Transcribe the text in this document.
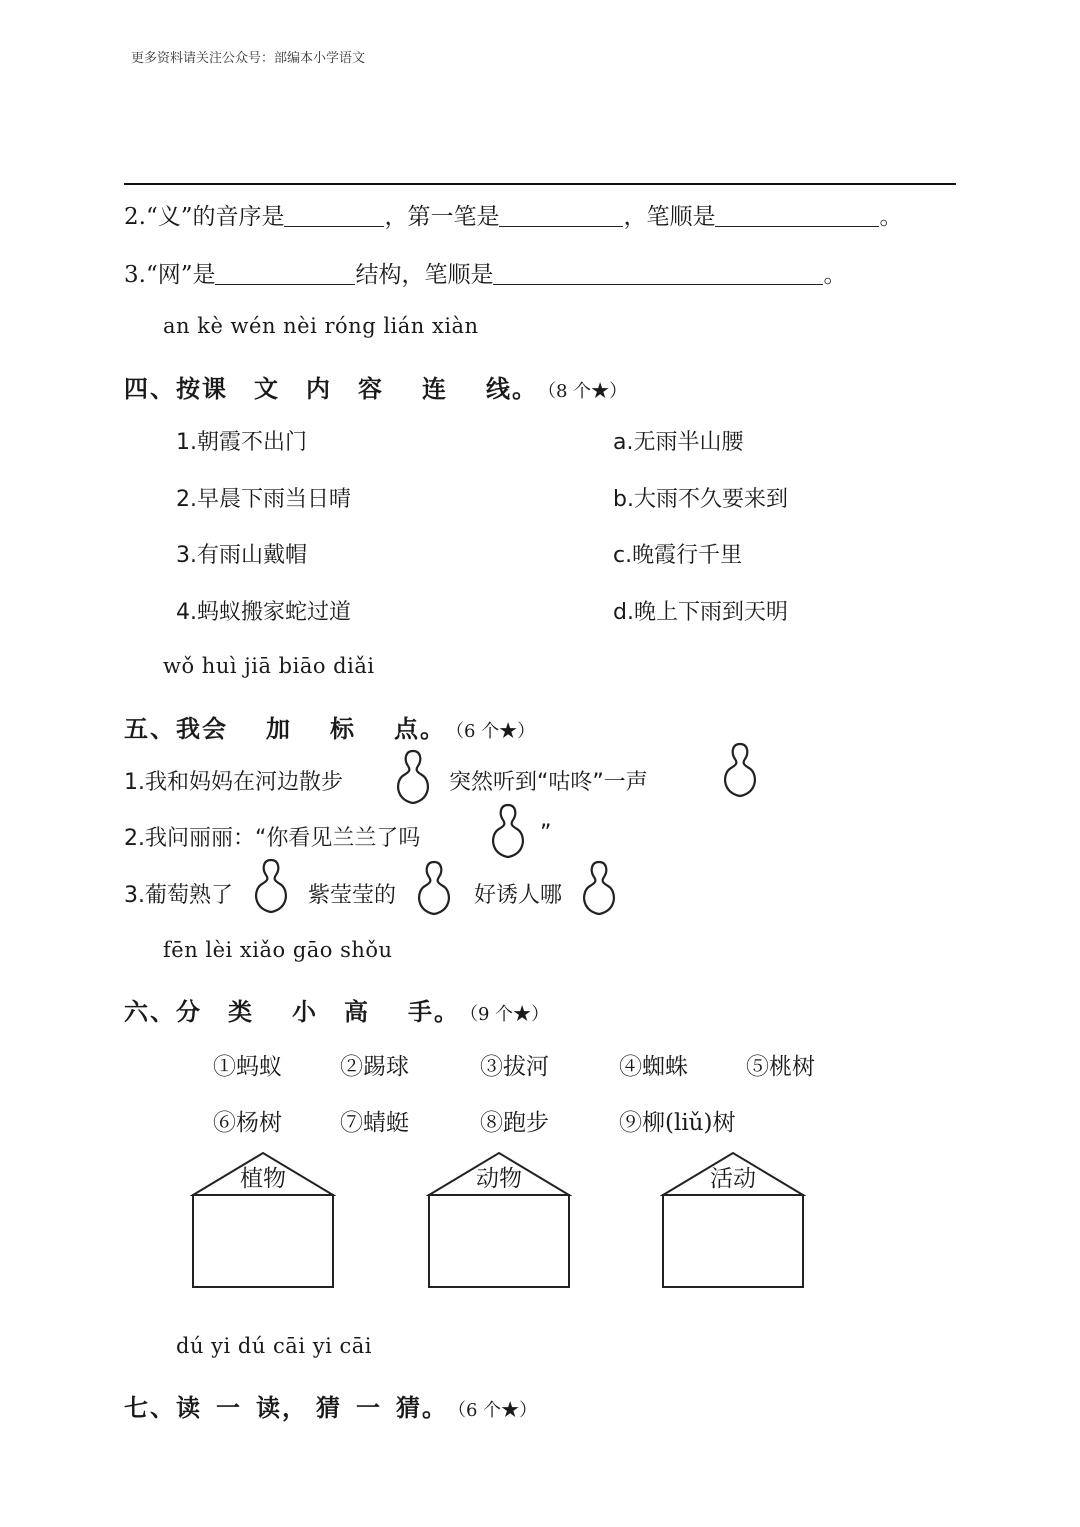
更多资料请关注公众号：部编本小学语文
2.“义”的音序是	，第一笔是	，笔顺是	。
3.“网”是	结构，笔顺是	。
an kè wén nèi róng lián xiàn
四、按课 文 内 容 连 线。（8 个★）
1.朝霞不出门
2.早晨下雨当日晴
3.有雨山戴帽
4.蚂蚁搬家蛇过道
a.无雨半山腰
b.大雨不久要来到
c.晚霞行千里
d.晚上下雨到天明
wǒ huì jiā biāo diǎi
五、我会 加 标 点。（6 个★）
1.我和妈妈在河边散步	突然听到“咕咚”一声
2.我问丽丽：“你看见兰兰了吗	”
3.葡萄熟了	紫莹莹的	好诱人哪
fēn lèi xiǎo gāo shǒu
六、分 类 小 高 手。（9 个★）
①蚂蚁	②踢球	③拔河	④蜘蛛	⑤桃树
⑥杨树	⑦蜻蜓	⑧跑步	⑨柳(liǔ)树
植物	动物	活动
dú yi dú cāi yi cāi
七、读 一 读， 猜 一 猜。（6 个★）
